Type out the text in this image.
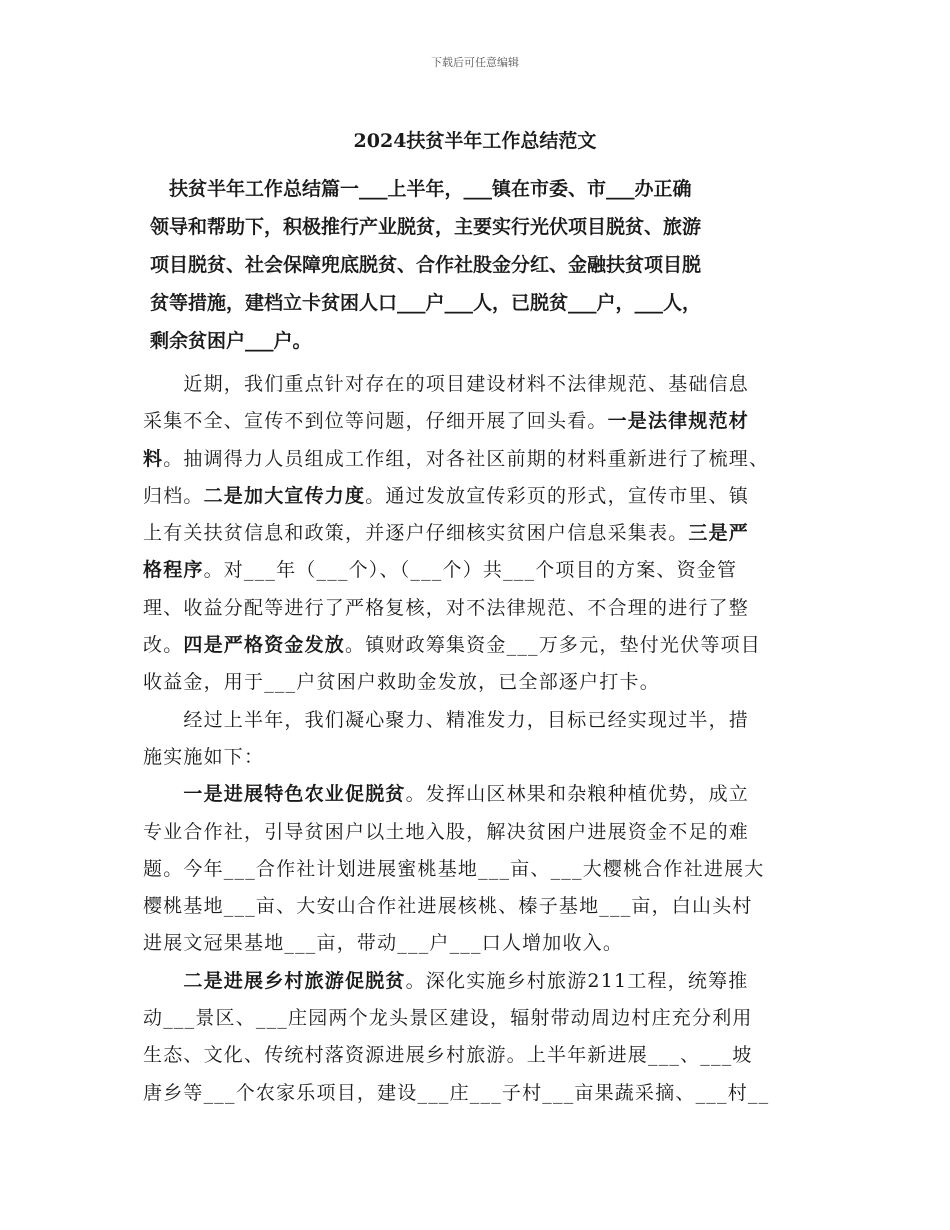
下载后可任意编辑
2024扶贫半年工作总结范文
　扶贫半年工作总结篇一___上半年，___镇在市委、市___办正确
领导和帮助下，积极推行产业脱贫，主要实行光伏项目脱贫、旅游
项目脱贫、社会保障兜底脱贫、合作社股金分红、金融扶贫项目脱
贫等措施，建档立卡贫困人口___户___人，已脱贫___户，___人，
剩余贫困户___户。
　　近期，我们重点针对存在的项目建设材料不法律规范、基础信息
采集不全、宣传不到位等问题，仔细开展了回头看。一是法律规范材
料。抽调得力人员组成工作组，对各社区前期的材料重新进行了梳理、
归档。二是加大宣传力度。通过发放宣传彩页的形式，宣传市里、镇
上有关扶贫信息和政策，并逐户仔细核实贫困户信息采集表。三是严
格程序。对___年（___个）、（___个）共___个项目的方案、资金管
理、收益分配等进行了严格复核，对不法律规范、不合理的进行了整
改。四是严格资金发放。镇财政筹集资金___万多元，垫付光伏等项目
收益金，用于___户贫困户救助金发放，已全部逐户打卡。
　　经过上半年，我们凝心聚力、精准发力，目标已经实现过半，措
施实施如下：
　　一是进展特色农业促脱贫。发挥山区林果和杂粮种植优势，成立
专业合作社，引导贫困户以土地入股，解决贫困户进展资金不足的难
题。今年___合作社计划进展蜜桃基地___亩、___大樱桃合作社进展大
樱桃基地___亩、大安山合作社进展核桃、榛子基地___亩，白山头村
进展文冠果基地___亩，带动___户___口人增加收入。
　　二是进展乡村旅游促脱贫。深化实施乡村旅游211工程，统筹推
动___景区、___庄园两个龙头景区建设，辐射带动周边村庄充分利用
生态、文化、传统村落资源进展乡村旅游。上半年新进展___、___坡
唐乡等___个农家乐项目，建设___庄___子村___亩果蔬采摘、___村__
